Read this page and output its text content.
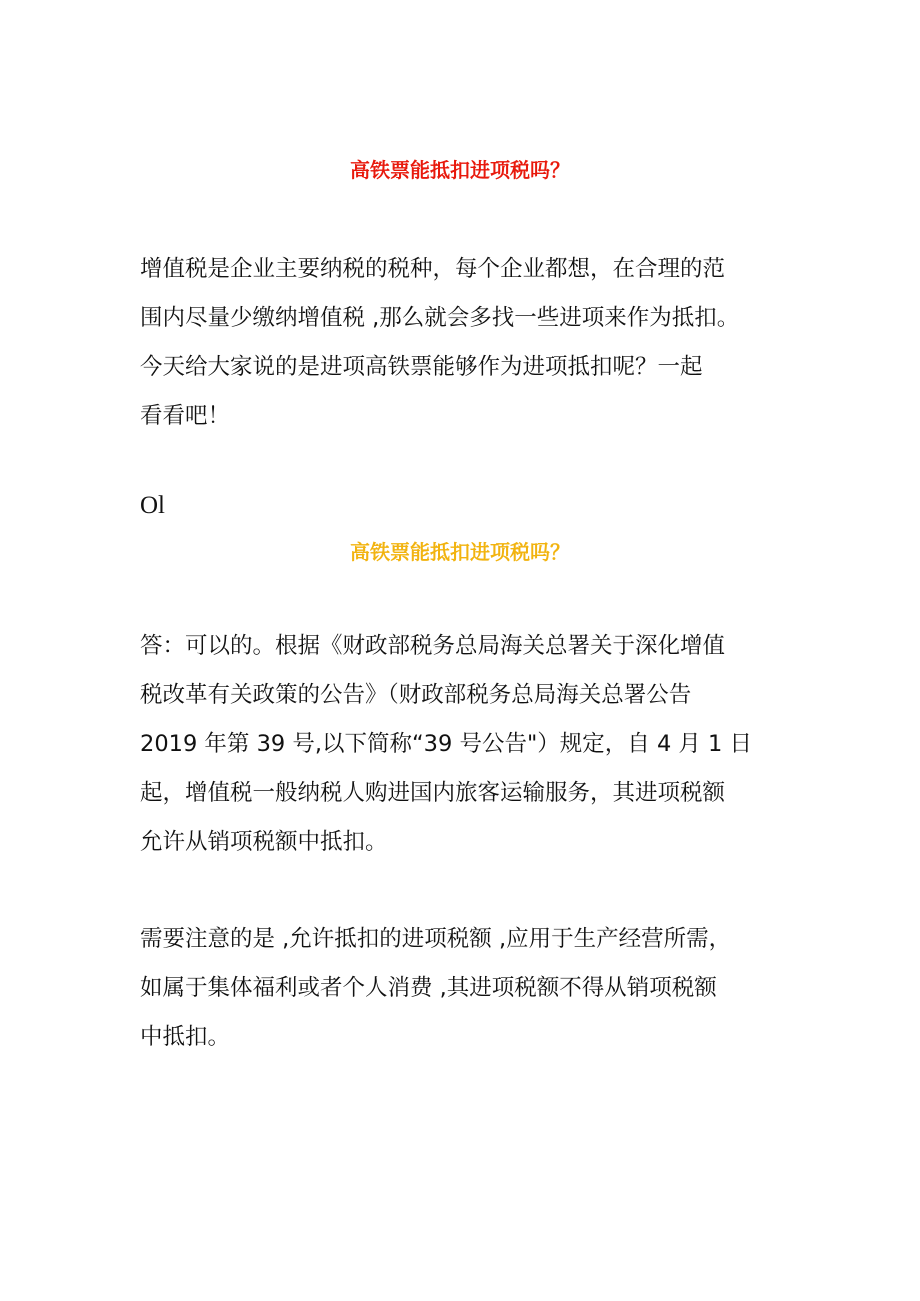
高铁票能抵扣进项税吗？
增值税是企业主要纳税的税种，每个企业都想，在合理的范
围内尽量少缴纳增值税 ,那么就会多找一些进项来作为抵扣。
今天给大家说的是进项高铁票能够作为进项抵扣呢？一起
看看吧！
Ol
高铁票能抵扣进项税吗？
答：可以的。根据《财政部税务总局海关总署关于深化增值
税改革有关政策的公告》（财政部税务总局海关总署公告
2019 年第 39 号,以下简称“39 号公告"）规定，自 4 月 1 日
起，增值税一般纳税人购进国内旅客运输服务，其进项税额
允许从销项税额中抵扣。
需要注意的是 ,允许抵扣的进项税额 ,应用于生产经营所需，
如属于集体福利或者个人消费 ,其进项税额不得从销项税额
中抵扣。
